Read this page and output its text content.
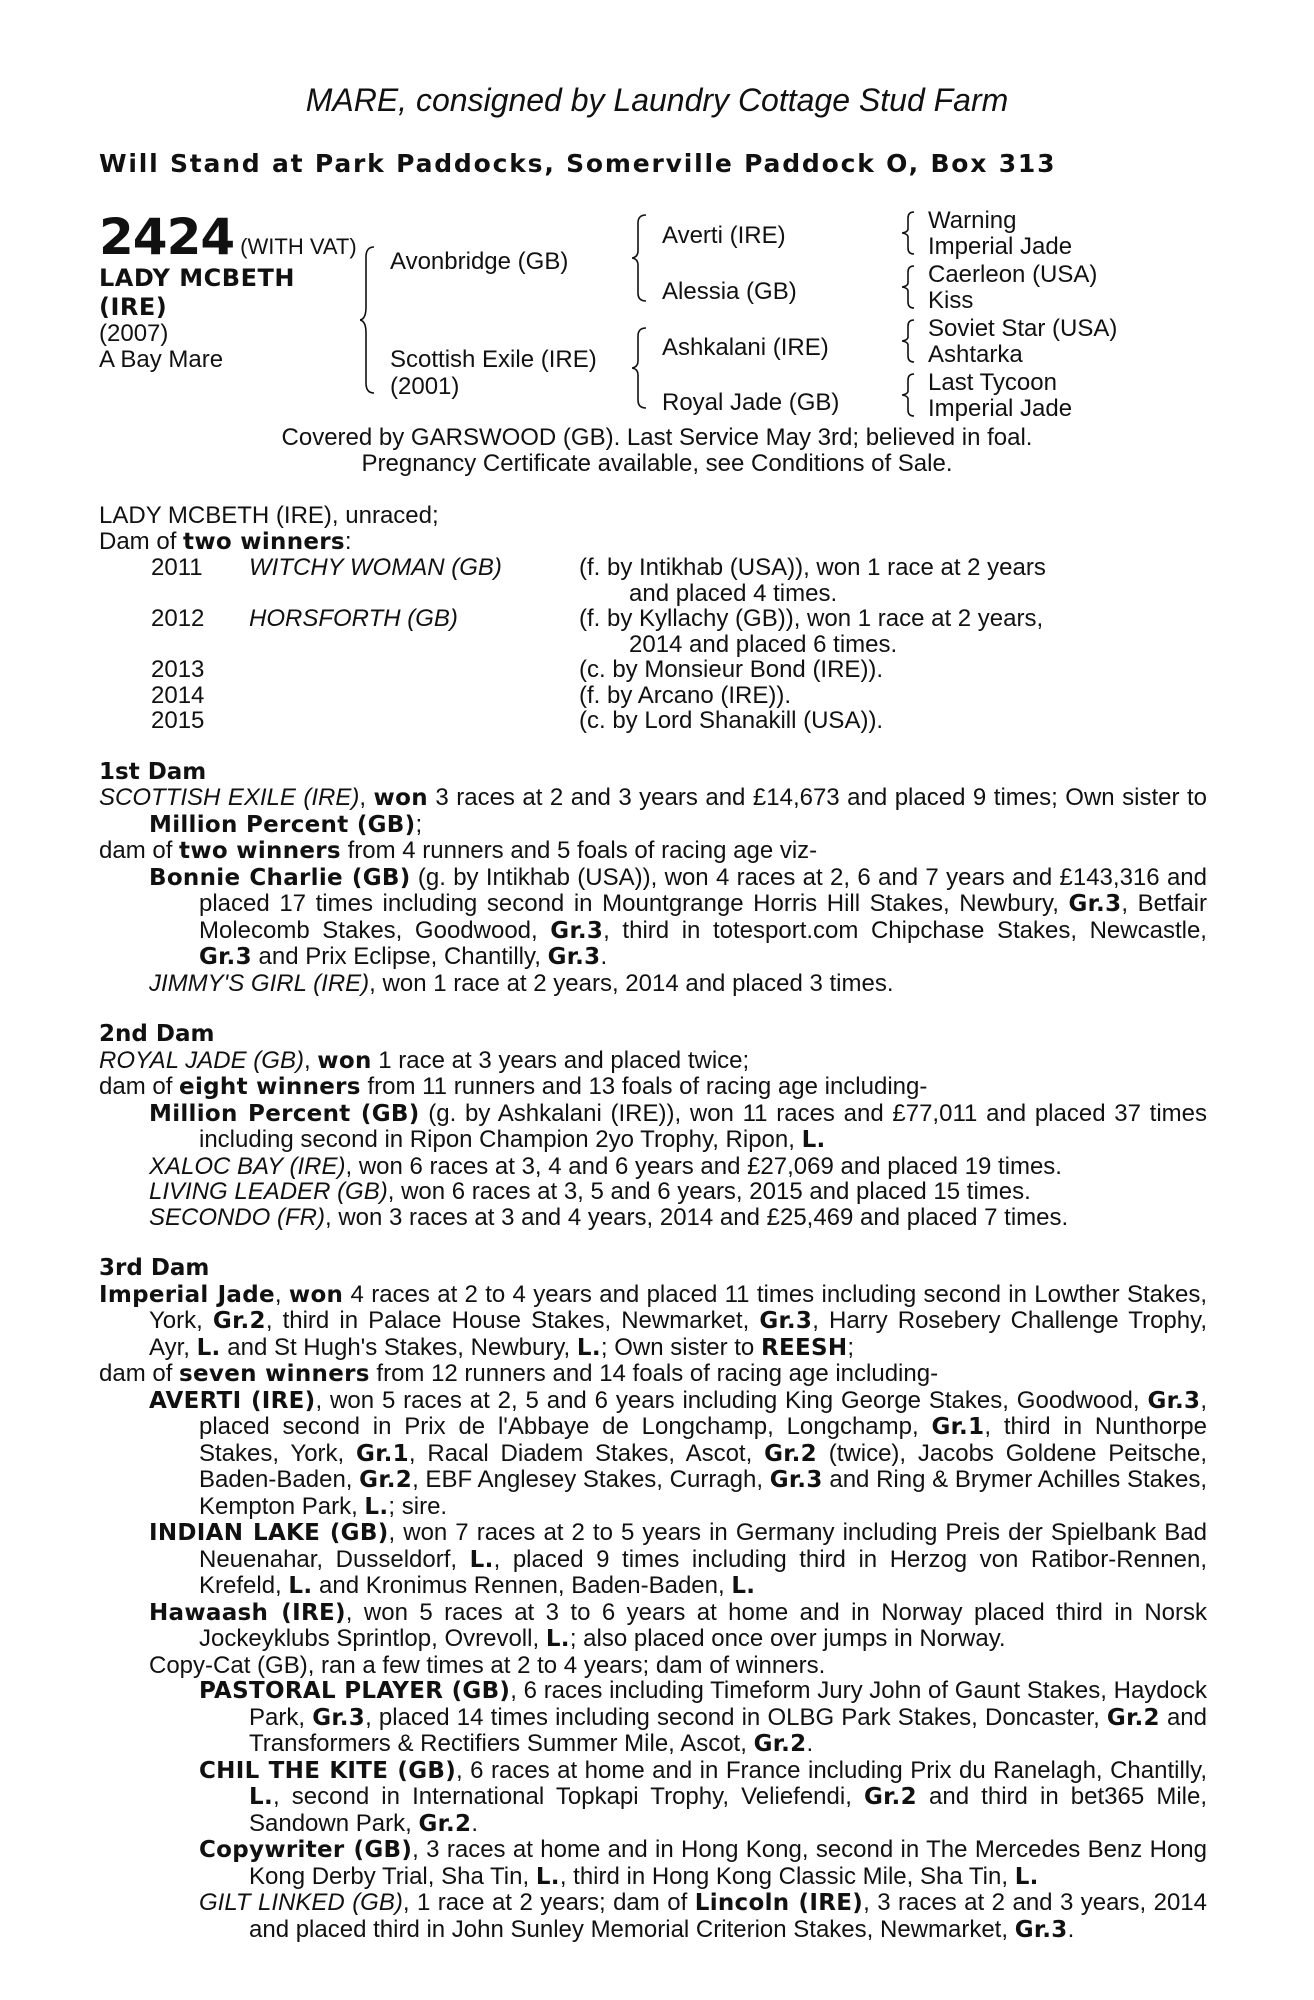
MARE, consigned by Laundry Cottage Stud Farm
Will Stand at Park Paddocks, Somerville Paddock O, Box 313
2424 (WITH VAT)
LADY MCBETH
(IRE)
(2007)
A Bay Mare
Avonbridge (GB)
Scottish Exile (IRE)
(2001)
Averti (IRE)
Alessia (GB)
Ashkalani (IRE)
Royal Jade (GB)
Warning
Imperial Jade
Caerleon (USA)
Kiss
Soviet Star (USA)
Ashtarka
Last Tycoon
Imperial Jade
Covered by GARSWOOD (GB). Last Service May 3rd; believed in foal.
Pregnancy Certificate available, see Conditions of Sale.

LADY MCBETH (IRE), unraced;

Dam of two winners:

2011 WITCHY WOMAN (GB)	(f. by Intikhab (USA)), won 1 race at 2 years
and placed 4 times.
2012 HORSFORTH (GB)	(f. by Kyllachy (GB)), won 1 race at 2 years,
2014 and placed 6 times.
2013	(c. by Monsieur Bond (IRE)).
2014	(f. by Arcano (IRE)).
2015	(c. by Lord Shanakill (USA)).

1st Dam

SCOTTISH EXILE (IRE), won 3 races at 2 and 3 years and £14,673 and placed 9 times; Own sister to Million Percent (GB);

dam of two winners from 4 runners and 5 foals of racing age viz-

Bonnie Charlie (GB) (g. by Intikhab (USA)), won 4 races at 2, 6 and 7 years and £143,316 and placed 17 times including second in Mountgrange Horris Hill Stakes, Newbury, Gr.3, Betfair Molecomb Stakes, Goodwood, Gr.3, third in totesport.com Chipchase Stakes, Newcastle, Gr.3 and Prix Eclipse, Chantilly, Gr.3.

JIMMY'S GIRL (IRE), won 1 race at 2 years, 2014 and placed 3 times.

2nd Dam

ROYAL JADE (GB), won 1 race at 3 years and placed twice;

dam of eight winners from 11 runners and 13 foals of racing age including-

Million Percent (GB) (g. by Ashkalani (IRE)), won 11 races and £77,011 and placed 37 times including second in Ripon Champion 2yo Trophy, Ripon, L.

XALOC BAY (IRE), won 6 races at 3, 4 and 6 years and £27,069 and placed 19 times.

LIVING LEADER (GB), won 6 races at 3, 5 and 6 years, 2015 and placed 15 times.

SECONDO (FR), won 3 races at 3 and 4 years, 2014 and £25,469 and placed 7 times.

3rd Dam

Imperial Jade, won 4 races at 2 to 4 years and placed 11 times including second in Lowther Stakes, York, Gr.2, third in Palace House Stakes, Newmarket, Gr.3, Harry Rosebery Challenge Trophy, Ayr, L. and St Hugh's Stakes, Newbury, L.; Own sister to REESH;

dam of seven winners from 12 runners and 14 foals of racing age including-

AVERTI (IRE), won 5 races at 2, 5 and 6 years including King George Stakes, Goodwood, Gr.3, placed second in Prix de l'Abbaye de Longchamp, Longchamp, Gr.1, third in Nunthorpe Stakes, York, Gr.1, Racal Diadem Stakes, Ascot, Gr.2 (twice), Jacobs Goldene Peitsche, Baden-Baden, Gr.2, EBF Anglesey Stakes, Curragh, Gr.3 and Ring & Brymer Achilles Stakes, Kempton Park, L.; sire.

INDIAN LAKE (GB), won 7 races at 2 to 5 years in Germany including Preis der Spielbank Bad Neuenahar, Dusseldorf, L., placed 9 times including third in Herzog von Ratibor-Rennen, Krefeld, L. and Kronimus Rennen, Baden-Baden, L.

Hawaash (IRE), won 5 races at 3 to 6 years at home and in Norway placed third in Norsk Jockeyklubs Sprintlop, Ovrevoll, L.; also placed once over jumps in Norway.

Copy-Cat (GB), ran a few times at 2 to 4 years; dam of winners.

PASTORAL PLAYER (GB), 6 races including Timeform Jury John of Gaunt Stakes, Haydock Park, Gr.3, placed 14 times including second in OLBG Park Stakes, Doncaster, Gr.2 and Transformers & Rectifiers Summer Mile, Ascot, Gr.2.

CHIL THE KITE (GB), 6 races at home and in France including Prix du Ranelagh, Chantilly, L., second in International Topkapi Trophy, Veliefendi, Gr.2 and third in bet365 Mile, Sandown Park, Gr.2.

Copywriter (GB), 3 races at home and in Hong Kong, second in The Mercedes Benz Hong Kong Derby Trial, Sha Tin, L., third in Hong Kong Classic Mile, Sha Tin, L.

GILT LINKED (GB), 1 race at 2 years; dam of Lincoln (IRE), 3 races at 2 and 3 years, 2014 and placed third in John Sunley Memorial Criterion Stakes, Newmarket, Gr.3.
